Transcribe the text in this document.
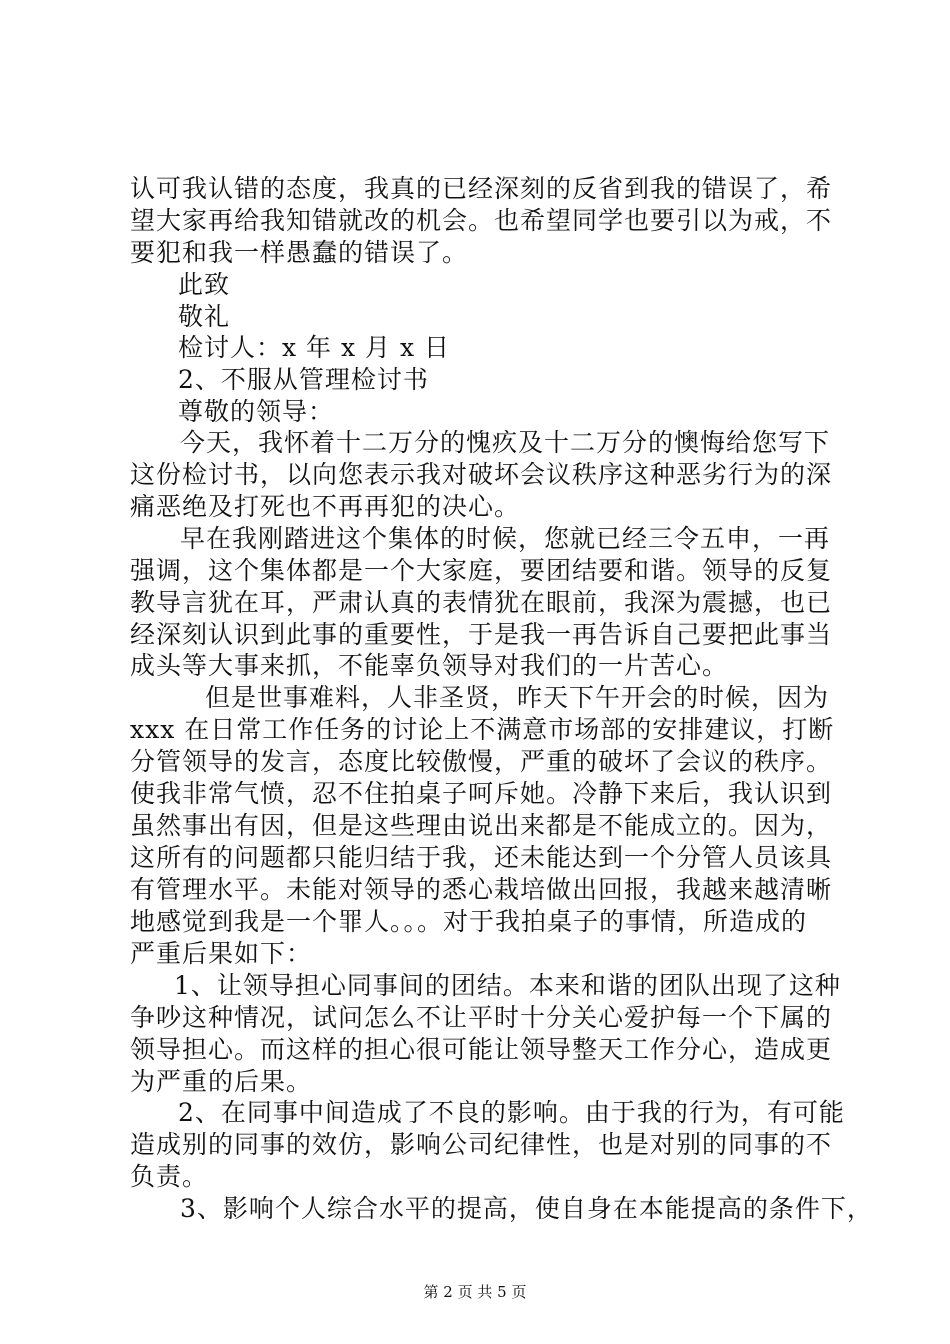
认可我认错的态度，我真的已经深刻的反省到我的错误了，希
望大家再给我知错就改的机会。也希望同学也要引以为戒，不
要犯和我一样愚蠢的错误了。
此致
敬礼
检讨人：x 年 x 月 x 日
2、不服从管理检讨书
尊敬的领导：
今天，我怀着十二万分的愧疚及十二万分的懊悔给您写下
这份检讨书，以向您表示我对破坏会议秩序这种恶劣行为的深
痛恶绝及打死也不再再犯的决心。
早在我刚踏进这个集体的时候，您就已经三令五申，一再
强调，这个集体都是一个大家庭，要团结要和谐。领导的反复
教导言犹在耳，严肃认真的表情犹在眼前，我深为震撼，也已
经深刻认识到此事的重要性，于是我一再告诉自己要把此事当
成头等大事来抓，不能辜负领导对我们的一片苦心。
但是世事难料，人非圣贤，昨天下午开会的时候，因为
xxx 在日常工作任务的讨论上不满意市场部的安排建议，打断
分管领导的发言，态度比较傲慢，严重的破坏了会议的秩序。
使我非常气愤，忍不住拍桌子呵斥她。冷静下来后，我认识到
虽然事出有因，但是这些理由说出来都是不能成立的。因为，
这所有的问题都只能归结于我，还未能达到一个分管人员该具
有管理水平。未能对领导的悉心栽培做出回报，我越来越清晰
地感觉到我是一个罪人。。。对于我拍桌子的事情，所造成的
严重后果如下：
1、让领导担心同事间的团结。本来和谐的团队出现了这种
争吵这种情况，试问怎么不让平时十分关心爱护每一个下属的
领导担心。而这样的担心很可能让领导整天工作分心，造成更
为严重的后果。
2、在同事中间造成了不良的影响。由于我的行为，有可能
造成别的同事的效仿，影响公司纪律性，也是对别的同事的不
负责。
3、影响个人综合水平的提高，使自身在本能提高的条件下，
第 2 页 共 5 页
